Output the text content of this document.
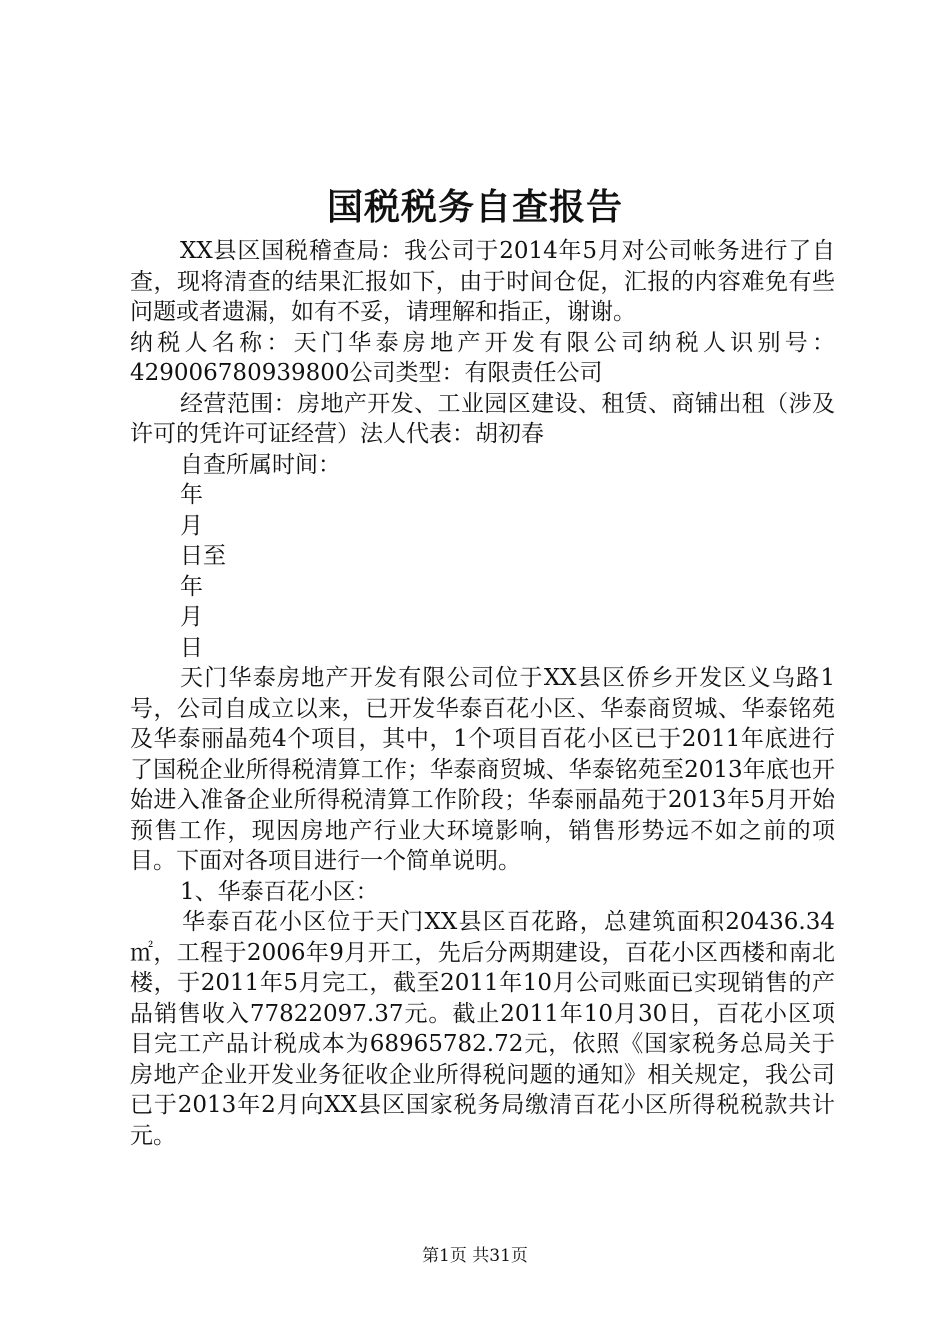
国税税务自查报告

XX县区国税稽查局：我公司于2014年5月对公司帐务进行了自查，现将清查的结果汇报如下，由于时间仓促，汇报的内容难免有些问题或者遗漏，如有不妥，请理解和指正，谢谢。

纳税人名称：天门华泰房地产开发有限公司纳税人识别号：429006780939800公司类型：有限责任公司

经营范围：房地产开发、工业园区建设、租赁、商铺出租（涉及许可的凭许可证经营）法人代表：胡初春

自查所属时间：

年

月

日至

年

月

日

天门华泰房地产开发有限公司位于XX县区侨乡开发区义乌路1号，公司自成立以来，已开发华泰百花小区、华泰商贸城、华泰铭苑及华泰丽晶苑4个项目，其中，1个项目百花小区已于2011年底进行了国税企业所得税清算工作；华泰商贸城、华泰铭苑至2013年底也开始进入准备企业所得税清算工作阶段；华泰丽晶苑于2013年5月开始预售工作，现因房地产行业大环境影响，销售形势远不如之前的项目。下面对各项目进行一个简单说明。

1、华泰百花小区：

华泰百花小区位于天门XX县区百花路，总建筑面积20436.34㎡，工程于2006年9月开工，先后分两期建设，百花小区西楼和南北楼，于2011年5月完工，截至2011年10月公司账面已实现销售的产品销售收入77822097.37元。截止2011年10月30日，百花小区项目完工产品计税成本为68965782.72元，依照《国家税务总局关于房地产企业开发业务征收企业所得税问题的通知》相关规定，我公司已于2013年2月向XX县区国家税务局缴清百花小区所得税税款共计元。

第1页 共31页
